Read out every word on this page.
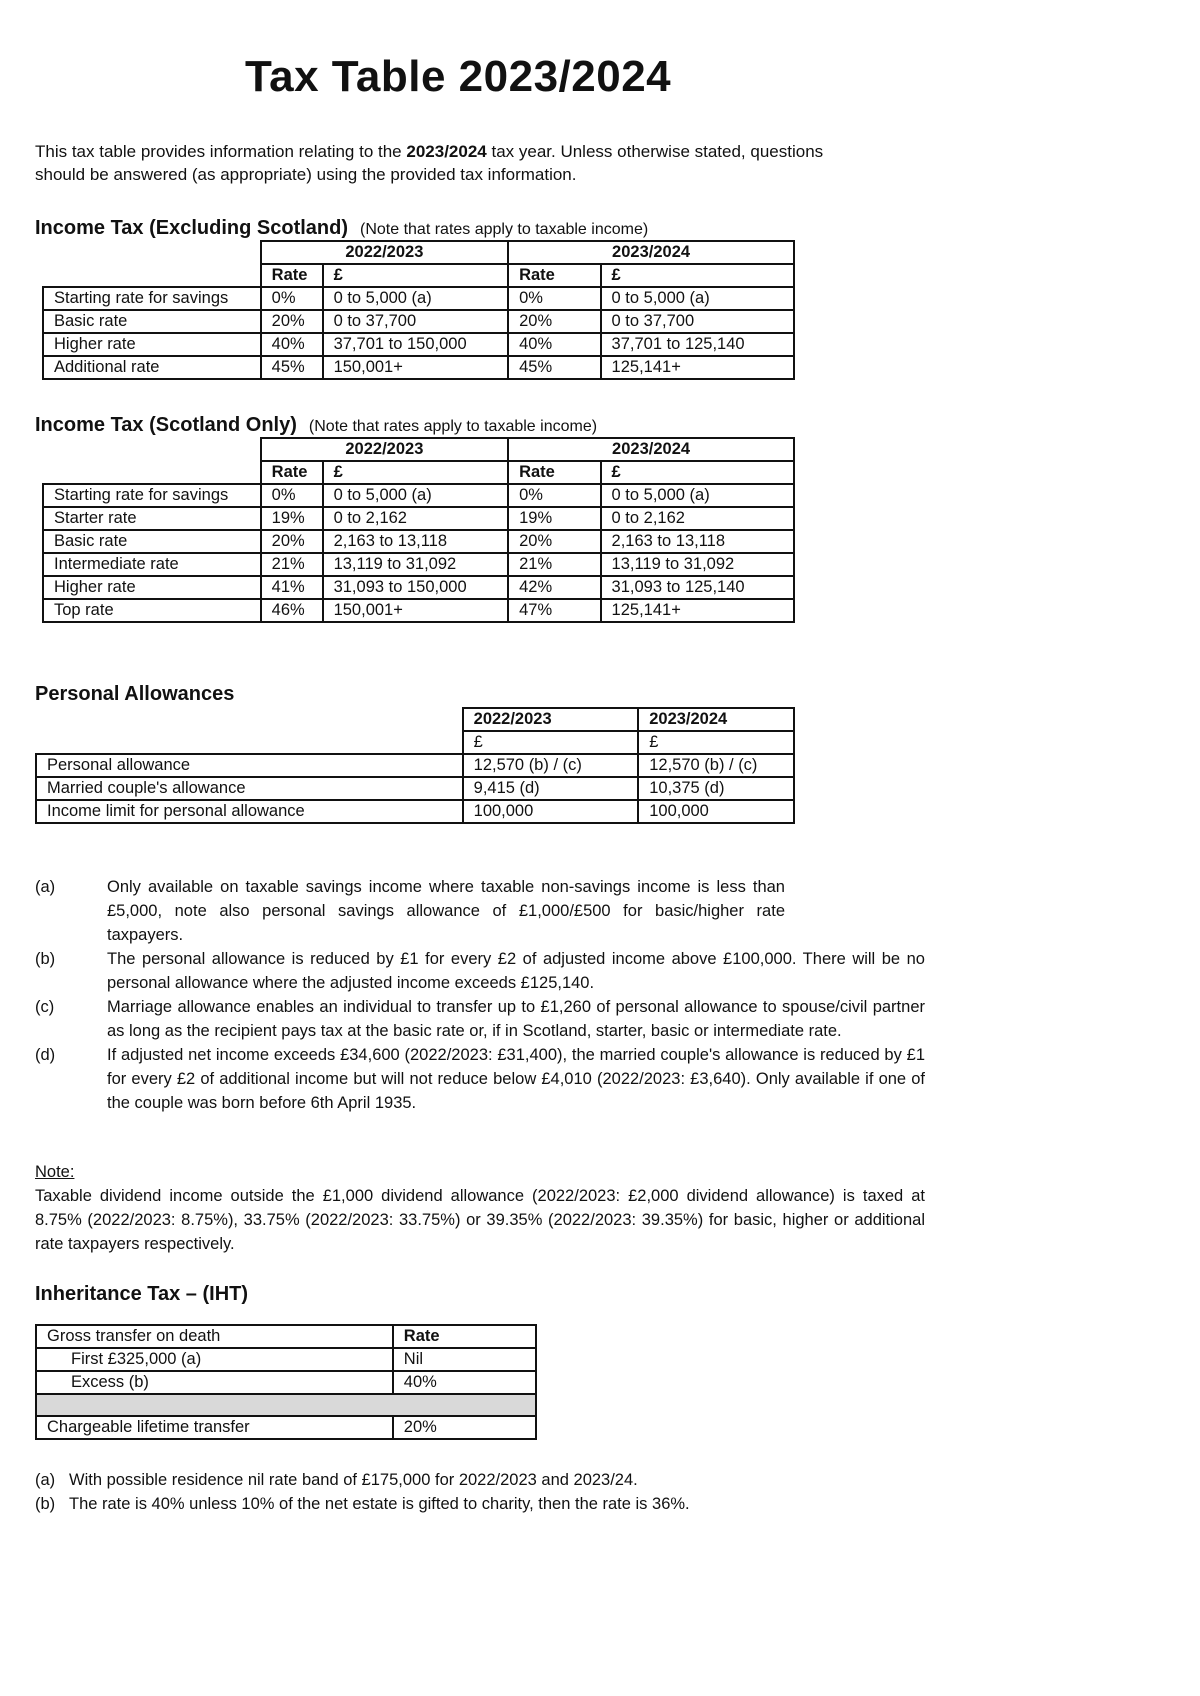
Tax Table 2023/2024

This tax table provides information relating to the 2023/2024 tax year. Unless otherwise stated, questions should be answered (as appropriate) using the provided tax information.

Income Tax (Excluding Scotland) (Note that rates apply to taxable income)

	2022/2023		2023/2024	
	Rate	£	Rate	£
Starting rate for savings	0%	0 to 5,000 (a)	0%	0 to 5,000 (a)
Basic rate	20%	0 to 37,700	20%	0 to 37,700
Higher rate	40%	37,701 to 150,000	40%	37,701 to 125,140
Additional rate	45%	150,001+	45%	125,141+

Income Tax (Scotland Only) (Note that rates apply to taxable income)

	2022/2023		2023/2024	
	Rate	£	Rate	£
Starting rate for savings	0%	0 to 5,000 (a)	0%	0 to 5,000 (a)
Starter rate	19%	0 to 2,162	19%	0 to 2,162
Basic rate	20%	2,163 to 13,118	20%	2,163 to 13,118
Intermediate rate	21%	13,119 to 31,092	21%	13,119 to 31,092
Higher rate	41%	31,093 to 150,000	42%	31,093 to 125,140
Top rate	46%	150,001+	47%	125,141+

Personal Allowances

	2022/2023	2023/2024
	£	£
Personal allowance	12,570 (b) / (c)	12,570 (b) / (c)
Married couple's allowance	9,415 (d)	10,375 (d)
Income limit for personal allowance	100,000	100,000
(a)	Only available on taxable savings income where taxable non-savings income is less than £5,000, note also personal savings allowance of £1,000/£500 for basic/higher rate taxpayers.
(b)	The personal allowance is reduced by £1 for every £2 of adjusted income above £100,000. There will be no personal allowance where the adjusted income exceeds £125,140.
(c)	Marriage allowance enables an individual to transfer up to £1,260 of personal allowance to spouse/civil partner as long as the recipient pays tax at the basic rate or, if in Scotland, starter, basic or intermediate rate.
(d)	If adjusted net income exceeds £34,600 (2022/2023: £31,400), the married couple's allowance is reduced by £1 for every £2 of additional income but will not reduce below £4,010 (2022/2023: £3,640). Only available if one of the couple was born before 6th April 1935.

Note:

Taxable dividend income outside the £1,000 dividend allowance (2022/2023: £2,000 dividend allowance) is taxed at 8.75% (2022/2023: 8.75%), 33.75% (2022/2023: 33.75%) or 39.35% (2022/2023: 39.35%) for basic, higher or additional rate taxpayers respectively.

Inheritance Tax – (IHT)

Gross transfer on death	Rate
First £325,000 (a)	Nil
Excess (b)	40%

Chargeable lifetime transfer	20%
(a) With possible residence nil rate band of £175,000 for 2022/2023 and 2023/24.
(b) The rate is 40% unless 10% of the net estate is gifted to charity, then the rate is 36%.
